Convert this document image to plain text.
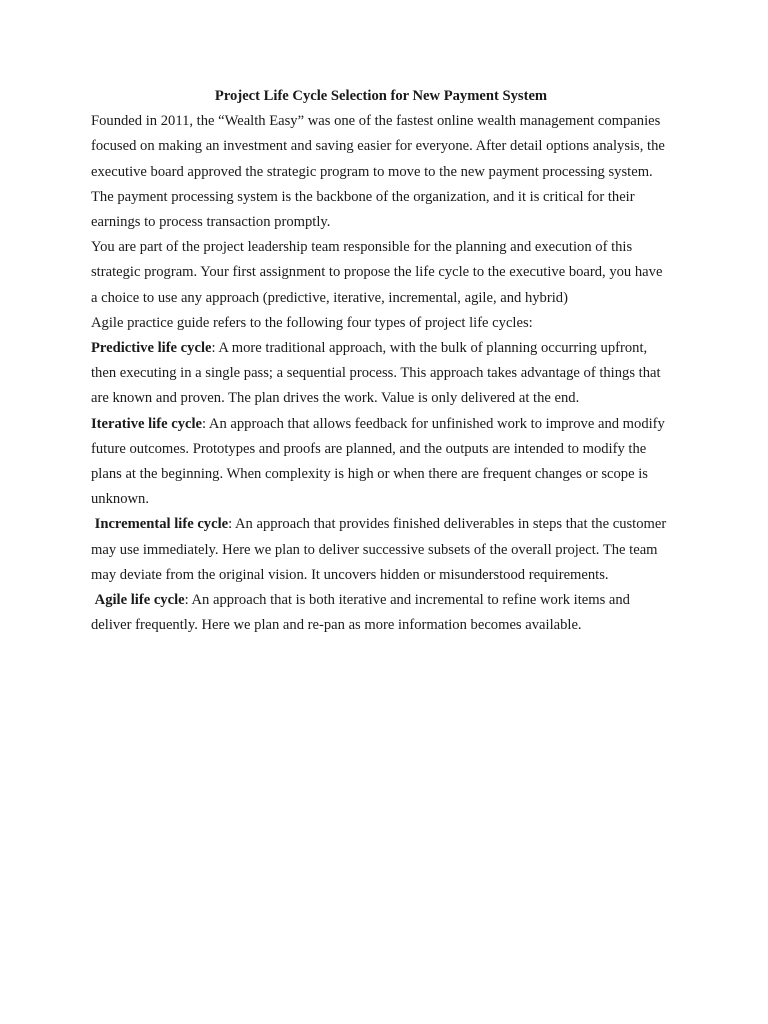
Project Life Cycle Selection for New Payment System

Founded in 2011, the “Wealth Easy” was one of the fastest online wealth management companies focused on making an investment and saving easier for everyone. After detail options analysis, the executive board approved the strategic program to move to the new payment processing system. The payment processing system is the backbone of the organization, and it is critical for their earnings to process transaction promptly.

You are part of the project leadership team responsible for the planning and execution of this strategic program. Your first assignment to propose the life cycle to the executive board, you have a choice to use any approach (predictive, iterative, incremental, agile, and hybrid)

Agile practice guide refers to the following four types of project life cycles:

Predictive life cycle: A more traditional approach, with the bulk of planning occurring upfront, then executing in a single pass; a sequential process. This approach takes advantage of things that are known and proven. The plan drives the work. Value is only delivered at the end.

Iterative life cycle: An approach that allows feedback for unfinished work to improve and modify future outcomes. Prototypes and proofs are planned, and the outputs are intended to modify the plans at the beginning. When complexity is high or when there are frequent changes or scope is unknown.

Incremental life cycle: An approach that provides finished deliverables in steps that the customer may use immediately. Here we plan to deliver successive subsets of the overall project. The team may deviate from the original vision. It uncovers hidden or misunderstood requirements.

Agile life cycle: An approach that is both iterative and incremental to refine work items and deliver frequently. Here we plan and re-pan as more information becomes available.
